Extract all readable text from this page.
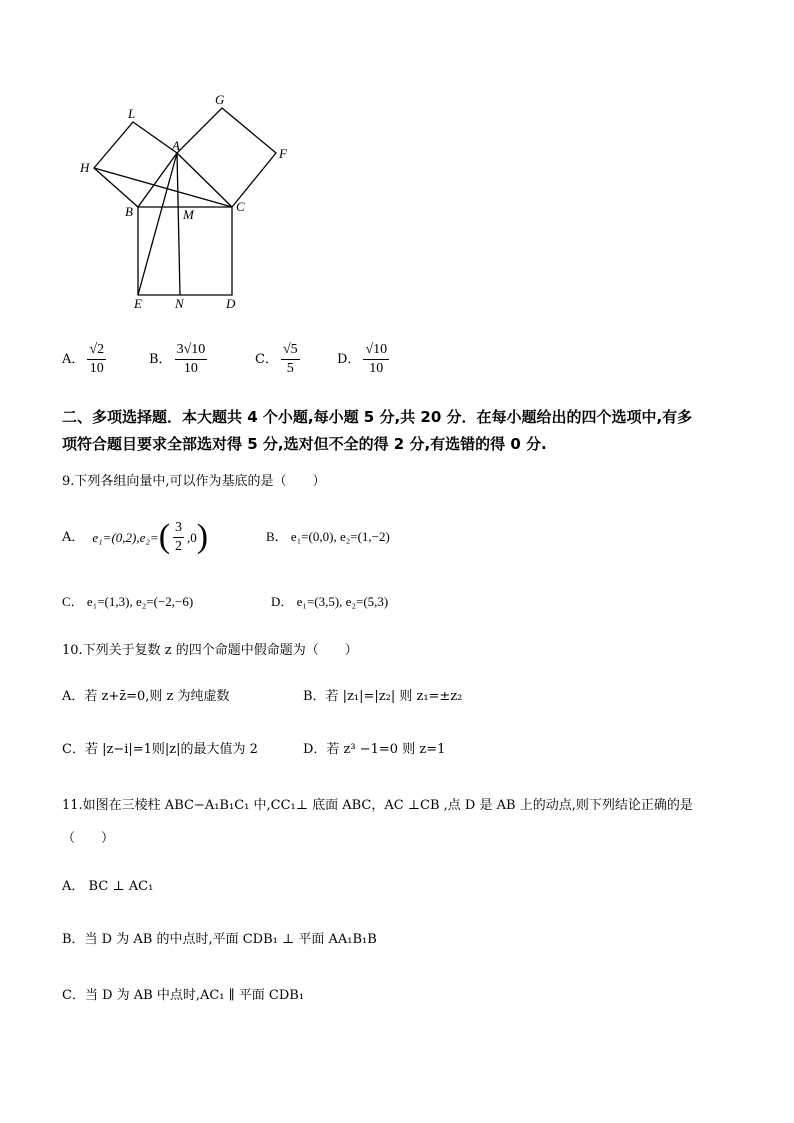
L
G
A
F
H
B	M
C
E	N	D
A． $\frac{√2}{10}$	B． $\frac{3√10}{10}$	C． $\frac{√5}{5}$	D． $\frac{√10}{10}$
二、多项选择题．本大题共 4 个小题,每小题 5 分,共 20 分．在每小题给出的四个选项中,有多
项符合题目要求全部选对得 5 分,选对但不全的得 2 分,有选错的得 0 分.
9.下列各组向量中,可以作为基底的是（　　）
A． e₁=(0,2),e₂= ( $\frac{3}{2} ,0$ )	B． e₁=(0,0), e₂=(1,−2)
C． e₁=(1,3), e₂=(−2,−6)	D． e₁=(3,5), e₂=(5,3)
10.下列关于复数 z 的四个命题中假命题为（　　）
A．若 z+z̄=0,则 z 为纯虚数	B．若 |z₁|=|z₂| 则 z₁=±z₂
C．若 |z−i|=1则|z|的最大值为 2	D．若 z³ −1=0 则 z=1
11.如图在三棱柱 ABC−A₁B₁C₁ 中,CC₁⊥ 底面 ABC，AC ⊥CB ,点 D 是 AB 上的动点,则下列结论正确的是
（　　）
A． BC ⊥ AC₁
B．当 D 为 AB 的中点时,平面 CDB₁ ⊥ 平面 AA₁B₁B
C．当 D 为 AB 中点时,AC₁ ∥ 平面 CDB₁
